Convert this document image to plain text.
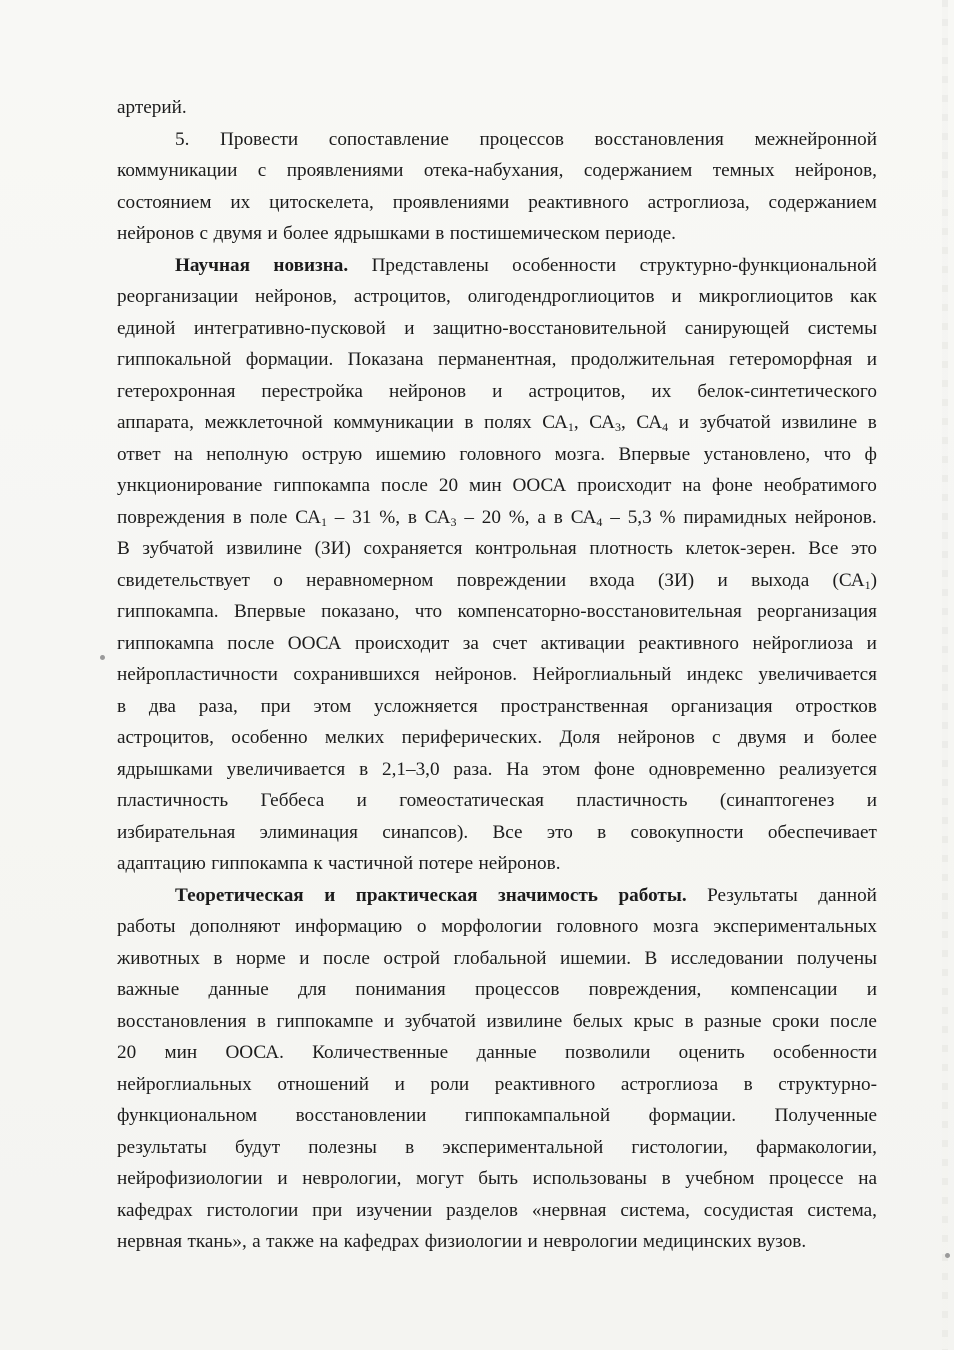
артерий.
5. Провести сопоставление процессов восстановления межнейронной
коммуникации с проявлениями отека-набухания, содержанием темных нейронов,
состоянием их цитоскелета, проявлениями реактивного астроглиоза, содержанием
нейронов с двумя и более ядрышками в постишемическом периоде.
Научная новизна. Представлены особенности структурно-функциональной
реорганизации нейронов, астроцитов, олигодендроглиоцитов и микроглиоцитов как
единой интегративно-пусковой и защитно-восстановительной санирующей системы
гиппокальной формации. Показана перманентная, продолжительная гетероморфная и
гетерохронная перестройка нейронов и астроцитов, их белок-синтетического
аппарата, межклеточной коммуникации в полях $СА_1$, $СА_3$, $СА_4$ и зубчатой извилине в
ответ на неполную острую ишемию головного мозга. Впервые установлено, что ф
ункционирование гиппокампа после 20 мин ООСА происходит на фоне необратимого
повреждения в поле $СА_1 - 31$ %, в $СА_3 - 20$ %, а в $СА_4 - 5,3$ % пирамидных нейронов.
В зубчатой извилине (ЗИ) сохраняется контрольная плотность клеток-зерен. Все это
свидетельствует о неравномерном повреждении входа (ЗИ) и выхода $(СА_1)$
гиппокампа. Впервые показано, что компенсаторно-восстановительная реорганизация
гиппокампа после ООСА происходит за счет активации реактивного нейроглиоза и
нейропластичности сохранившихся нейронов. Нейроглиальный индекс увеличивается
в два раза, при этом усложняется пространственная организация отростков
астроцитов, особенно мелких периферических. Доля нейронов с двумя и более
ядрышками увеличивается в 2,1–3,0 раза. На этом фоне одновременно реализуется
пластичность Геббеса и гомеостатическая пластичность (синаптогенез и
избирательная элиминация синапсов). Все это в совокупности обеспечивает
адаптацию гиппокампа к частичной потере нейронов.
Теоретическая и практическая значимость работы. Результаты данной
работы дополняют информацию о морфологии головного мозга экспериментальных
животных в норме и после острой глобальной ишемии. В исследовании получены
важные данные для понимания процессов повреждения, компенсации и
восстановления в гиппокампе и зубчатой извилине белых крыс в разные сроки после
20 мин ООСА. Количественные данные позволили оценить особенности
нейроглиальных отношений и роли реактивного астроглиоза в структурно-
функциональном восстановлении гиппокампальной формации. Полученные
результаты будут полезны в экспериментальной гистологии, фармакологии,
нейрофизиологии и неврологии, могут быть использованы в учебном процессе на
кафедрах гистологии при изучении разделов «нервная система, сосудистая система,
нервная ткань», а также на кафедрах физиологии и неврологии медицинских вузов.
